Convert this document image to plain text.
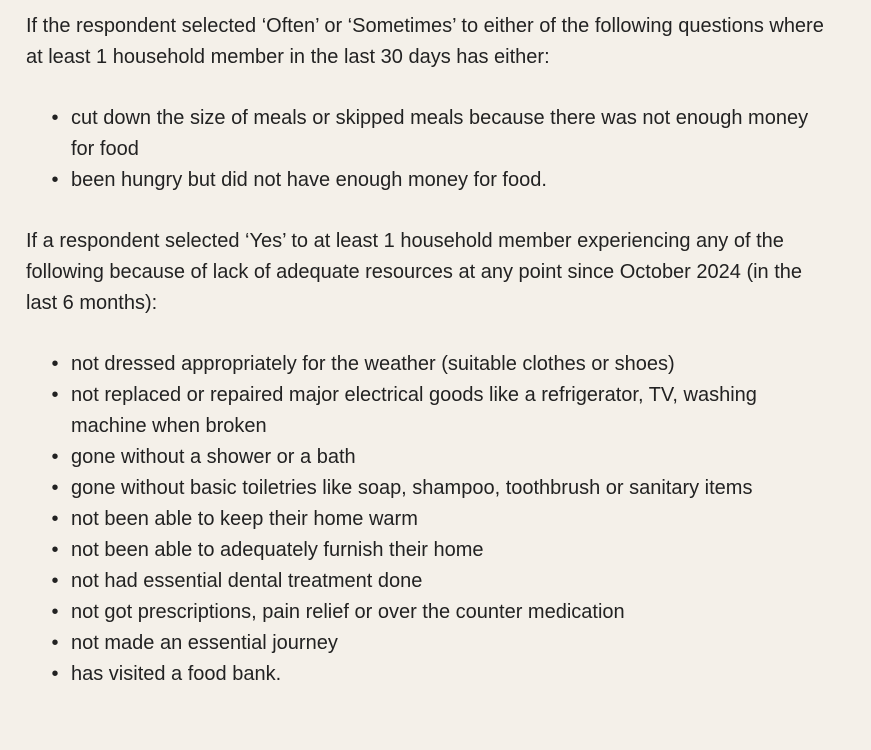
If the respondent selected ‘Often’ or ‘Sometimes’ to either of the following questions where at least 1 household member in the last 30 days has either:

• cut down the size of meals or skipped meals because there was not enough money for food
• been hungry but did not have enough money for food.

If a respondent selected ‘Yes’ to at least 1 household member experiencing any of the following because of lack of adequate resources at any point since October 2024 (in the last 6 months):

• not dressed appropriately for the weather (suitable clothes or shoes)
• not replaced or repaired major electrical goods like a refrigerator, TV, washing machine when broken
• gone without a shower or a bath
• gone without basic toiletries like soap, shampoo, toothbrush or sanitary items
• not been able to keep their home warm
• not been able to adequately furnish their home
• not had essential dental treatment done
• not got prescriptions, pain relief or over the counter medication
• not made an essential journey
• has visited a food bank.
